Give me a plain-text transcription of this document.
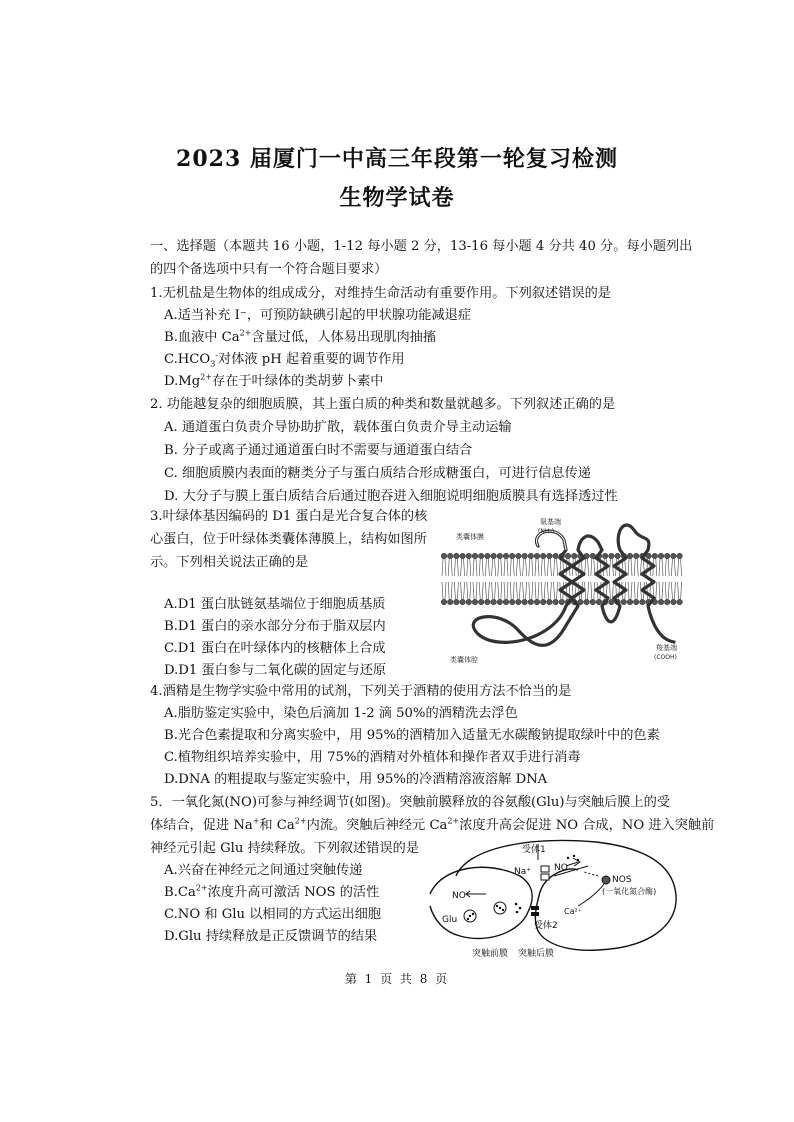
2023 届厦门一中高三年段第一轮复习检测
生物学试卷
一、选择题（本题共 16 小题，1-12 每小题 2 分，13-16 每小题 4 分共 40 分。每小题列出
的四个备选项中只有一个符合题目要求）
1.无机盐是生物体的组成成分，对维持生命活动有重要作用。下列叙述错误的是
A.适当补充 I⁻，可预防缺碘引起的甲状腺功能减退症
B.血液中 $Ca^{2+}$含量过低，人体易出现肌肉抽搐
$C.HCO_3^-$对体液 pH 起着重要的调节作用
$D.Mg^{2+}$存在于叶绿体的类胡萝卜素中
2. 功能越复杂的细胞质膜，其上蛋白质的种类和数量就越多。下列叙述正确的是
A. 通道蛋白负责介导协助扩散，载体蛋白负责介导主动运输
B. 分子或离子通过通道蛋白时不需要与通道蛋白结合
C. 细胞质膜内表面的糖类分子与蛋白质结合形成糖蛋白，可进行信息传递
D. 大分子与膜上蛋白质结合后通过胞吞进入细胞说明细胞质膜具有选择透过性
3.叶绿体基因编码的 D1 蛋白是光合复合体的核
心蛋白，位于叶绿体类囊体薄膜上，结构如图所
示。下列相关说法正确的是
A.D1 蛋白肽链氨基端位于细胞质基质
B.D1 蛋白的亲水部分分布于脂双层内
C.D1 蛋白在叶绿体内的核糖体上合成
D.D1 蛋白参与二氧化碳的固定与还原
氨基端
(NH₂)
类囊体膜
类囊体腔
羧基端
(COOH)
4.酒精是生物学实验中常用的试剂，下列关于酒精的使用方法不恰当的是
A.脂肪鉴定实验中，染色后滴加 1-2 滴 50%的酒精洗去浮色
B.光合色素提取和分离实验中，用 95%的酒精加入适量无水碳酸钠提取绿叶中的色素
C.植物组织培养实验中，用 75%的酒精对外植体和操作者双手进行消毒
D.DNA 的粗提取与鉴定实验中，用 95%的冷酒精溶液溶解 DNA
5．一氧化氮(NO)可参与神经调节(如图)。突触前膜释放的谷氨酸(Glu)与突触后膜上的受
体结合，促进 Na+和 $Ca^{2+}$内流。突触后神经元 $Ca^{2+}$浓度升高会促进 NO 合成，NO 进入突触前
神经元引起 Glu 持续释放。下列叙述错误的是
A.兴奋在神经元之间通过突触传递
$B.Ca^{2+}$浓度升高可激活 NOS 的活性
C.NO 和 Glu 以相同的方式运出细胞
D.Glu 持续释放是正反馈调节的结果
受体1
Na⁺	NO
NOS
(一氧化氮合酶)
NO
Glu
Ca²⁺
受体2
突触前膜 突触后膜
第 1 页 共 8 页
